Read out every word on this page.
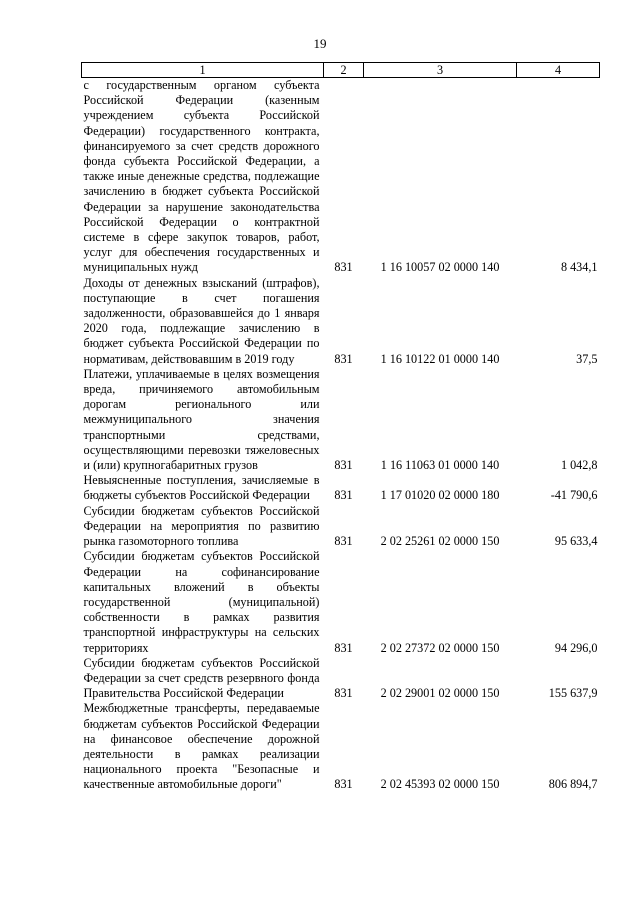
19
1	2	3	4
с государственным органом субъекта Российской Федерации (казенным учреждением субъекта Российской Федерации) государственного контракта, финансируемого за счет средств дорожного фонда субъекта Российской Федерации, а также иные денежные средства, подлежащие зачислению в бюджет субъекта Российской Федерации за нарушение законодательства Российской Федерации о контрактной системе в сфере закупок товаров, работ, услуг для обеспечения государственных и муниципальных нужд	831	1 16 10057 02 0000 140	8 434,1
Доходы от денежных взысканий (штрафов), поступающие в счет погашения задолженности, образовавшейся до 1 января 2020 года, подлежащие зачислению в бюджет субъекта Российской Федерации по нормативам, действовавшим в 2019 году	831	1 16 10122 01 0000 140	37,5
Платежи, уплачиваемые в целях возмещения вреда, причиняемого автомобильным дорогам регионального или межмуниципального значения транспортными средствами, осуществляющими перевозки тяжеловесных и (или) крупногабаритных грузов	831	1 16 11063 01 0000 140	1 042,8
Невыясненные поступления, зачисляемые в бюджеты субъектов Российской Федерации	831	1 17 01020 02 0000 180	-41 790,6
Субсидии бюджетам субъектов Российской Федерации на мероприятия по развитию рынка газомоторного топлива	831	2 02 25261 02 0000 150	95 633,4
Субсидии бюджетам субъектов Российской Федерации на софинансирование капитальных вложений в объекты государственной (муниципальной) собственности в рамках развития транспортной инфраструктуры на сельских территориях	831	2 02 27372 02 0000 150	94 296,0
Субсидии бюджетам субъектов Российской Федерации за счет средств резервного фонда Правительства Российской Федерации	831	2 02 29001 02 0000 150	155 637,9
Межбюджетные трансферты, передаваемые бюджетам субъектов Российской Федерации на финансовое обеспечение дорожной деятельности в рамках реализации национального проекта "Безопасные и качественные автомобильные дороги"	831	2 02 45393 02 0000 150	806 894,7
